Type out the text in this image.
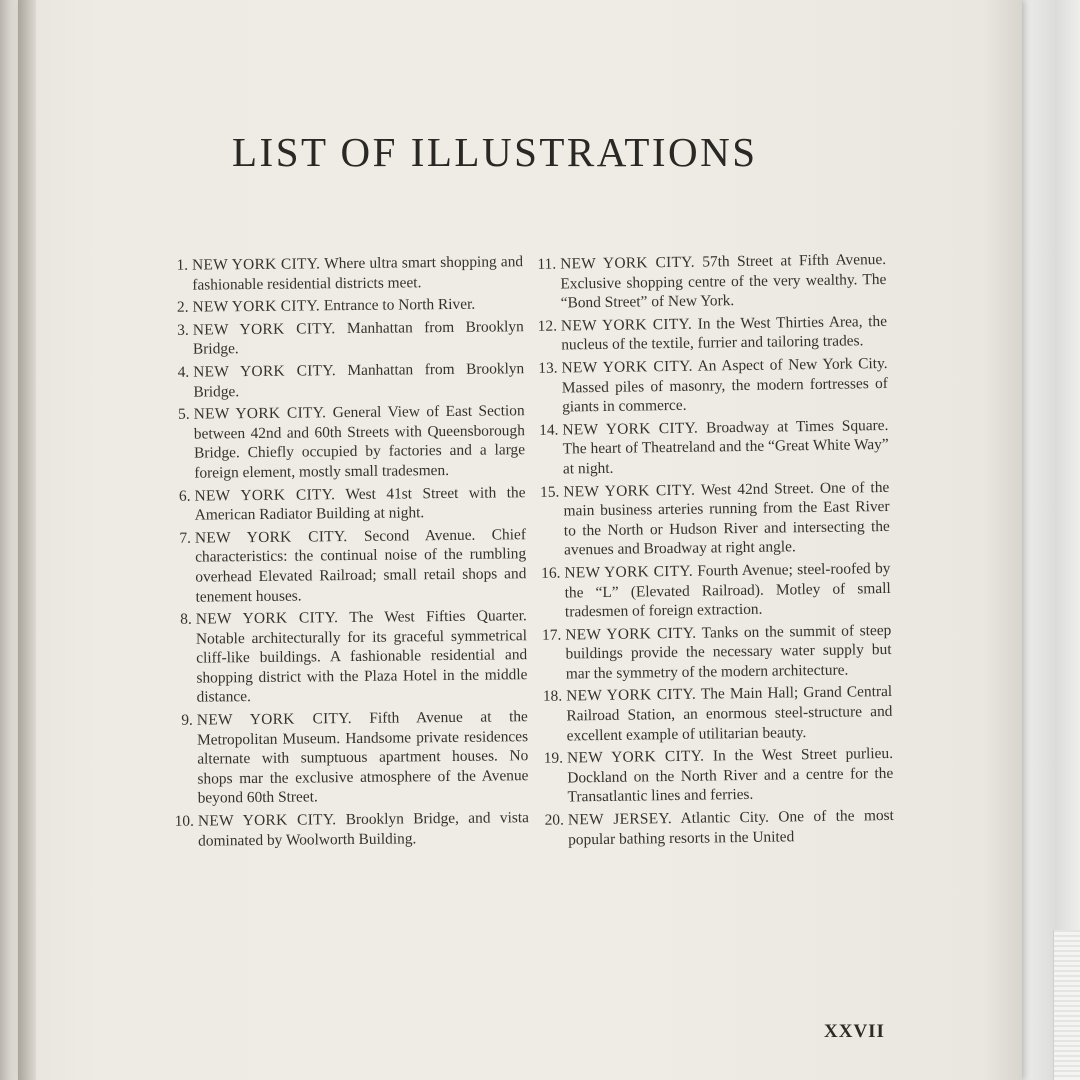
LIST OF ILLUSTRATIONS
1. NEW YORK CITY. Where ultra smart shopping and fashionable residential districts meet.
2. NEW YORK CITY. Entrance to North River.
3. NEW YORK CITY. Manhattan from Brooklyn Bridge.
4. NEW YORK CITY. Manhattan from Brooklyn Bridge.
5. NEW YORK CITY. General View of East Section between 42nd and 60th Streets with Queensborough Bridge. Chiefly occupied by factories and a large foreign element, mostly small tradesmen.
6. NEW YORK CITY. West 41st Street with the American Radiator Building at night.
7. NEW YORK CITY. Second Avenue. Chief characteristics: the continual noise of the rumbling overhead Elevated Railroad; small retail shops and tenement houses.
8. NEW YORK CITY. The West Fifties Quarter. Notable architecturally for its graceful symmetrical cliff-like buildings. A fashionable residential and shopping district with the Plaza Hotel in the middle distance.
9. NEW YORK CITY. Fifth Avenue at the Metropolitan Museum. Handsome private residences alternate with sumptuous apartment houses. No shops mar the exclusive atmosphere of the Avenue beyond 60th Street.
10. NEW YORK CITY. Brooklyn Bridge, and vista dominated by Woolworth Building.
11. NEW YORK CITY. 57th Street at Fifth Avenue. Exclusive shopping centre of the very wealthy. The “Bond Street” of New York.
12. NEW YORK CITY. In the West Thirties Area, the nucleus of the textile, furrier and tailoring trades.
13. NEW YORK CITY. An Aspect of New York City. Massed piles of masonry, the modern fortresses of giants in commerce.
14. NEW YORK CITY. Broadway at Times Square. The heart of Theatreland and the “Great White Way” at night.
15. NEW YORK CITY. West 42nd Street. One of the main business arteries running from the East River to the North or Hudson River and intersecting the avenues and Broadway at right angle.
16. NEW YORK CITY. Fourth Avenue; steel-roofed by the “L” (Elevated Railroad). Motley of small tradesmen of foreign extraction.
17. NEW YORK CITY. Tanks on the summit of steep buildings provide the necessary water supply but mar the symmetry of the modern architecture.
18. NEW YORK CITY. The Main Hall; Grand Central Railroad Station, an enormous steel-structure and excellent example of utilitarian beauty.
19. NEW YORK CITY. In the West Street purlieu. Dockland on the North River and a centre for the Transatlantic lines and ferries.
20. NEW JERSEY. Atlantic City. One of the most popular bathing resorts in the United
XXVII
